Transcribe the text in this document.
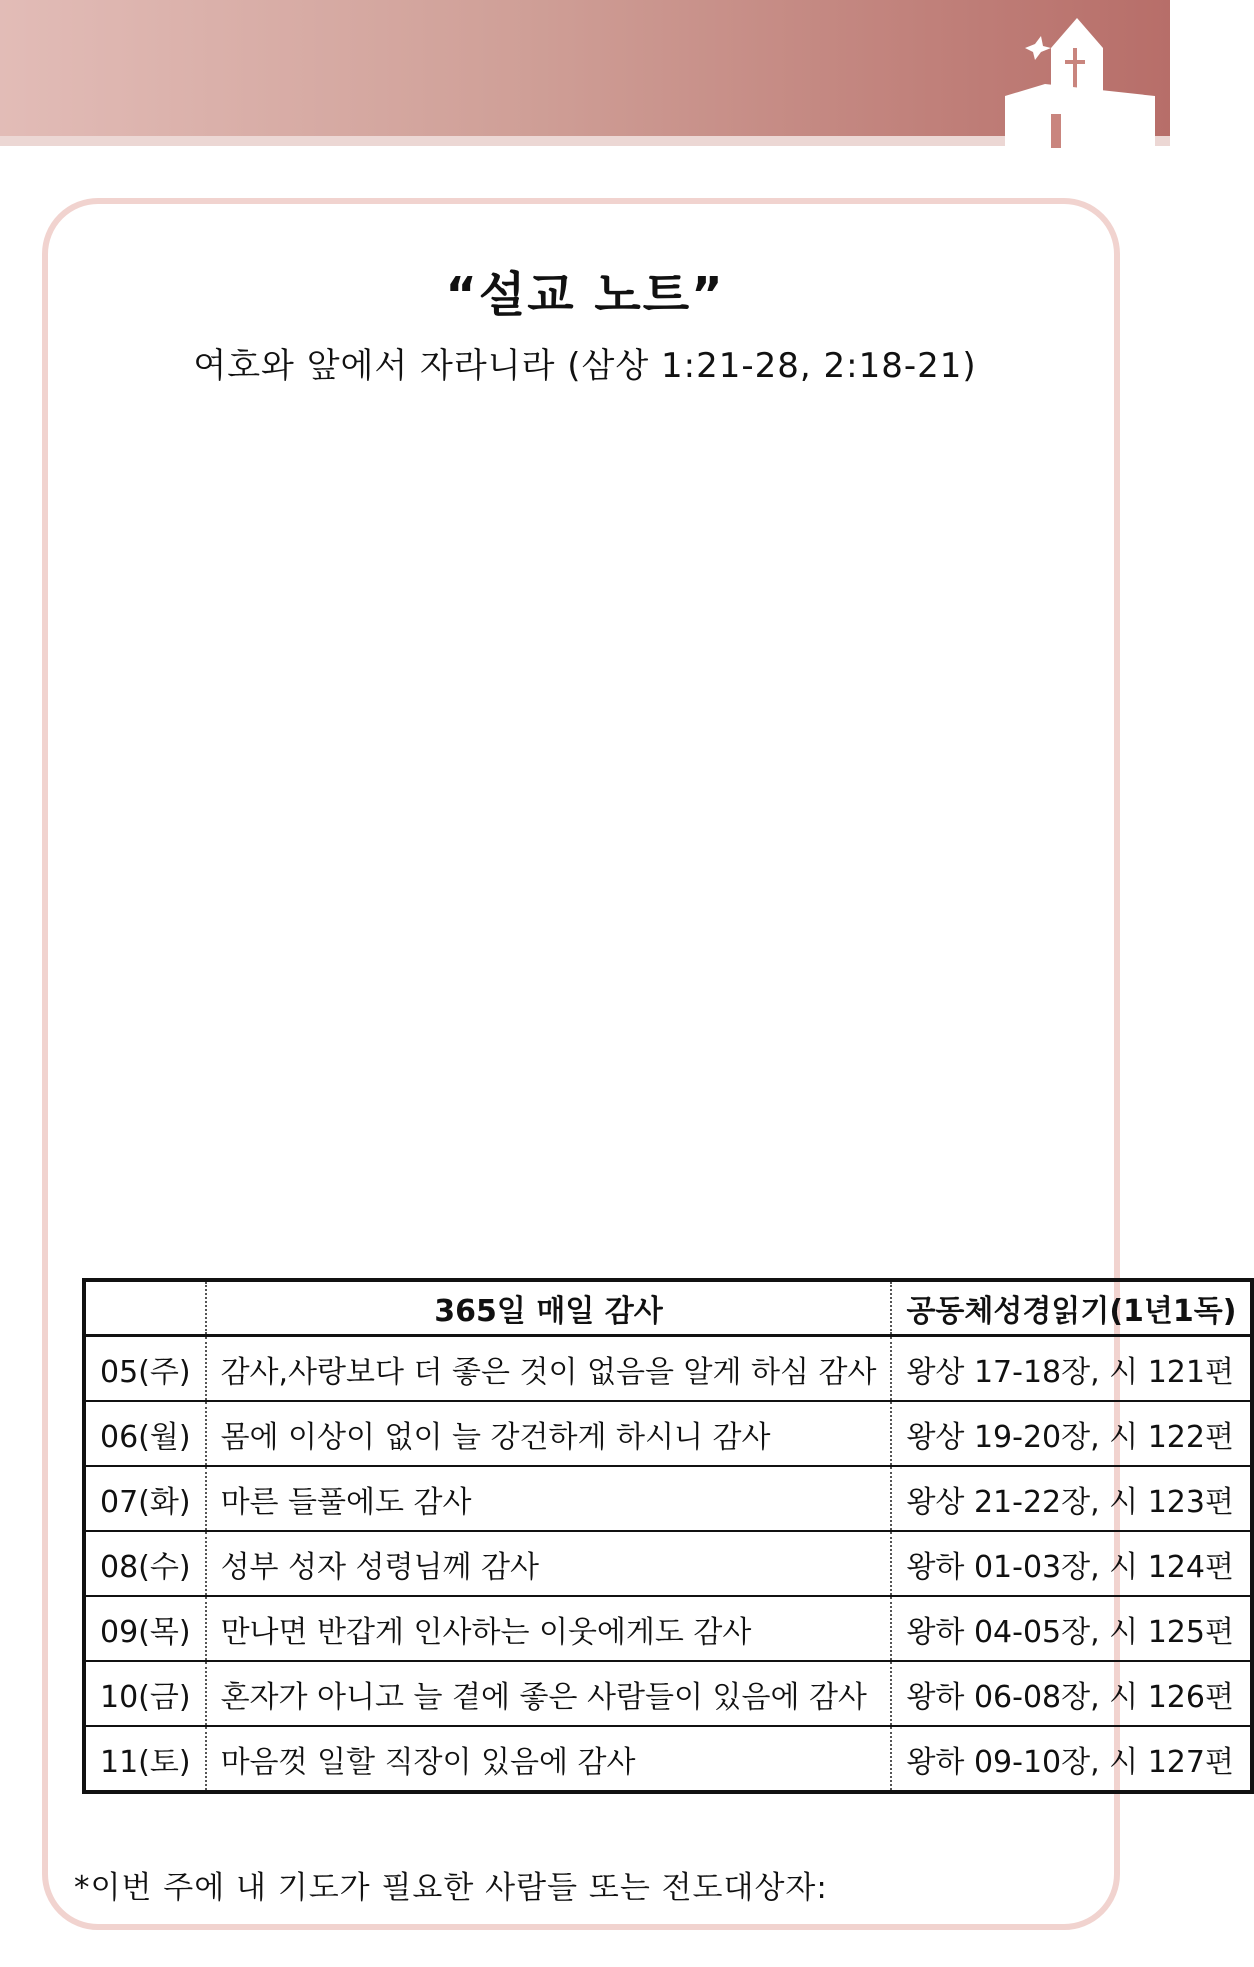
“설교 노트”
여호와 앞에서 자라니라 (삼상 1:21-28, 2:18-21)
	365일 매일 감사	공동체성경읽기(1년1독)
05(주)	감사,사랑보다 더 좋은 것이 없음을 알게 하심 감사	왕상 17-18장, 시 121편
06(월)	몸에 이상이 없이 늘 강건하게 하시니 감사	왕상 19-20장, 시 122편
07(화)	마른 들풀에도 감사	왕상 21-22장, 시 123편
08(수)	성부 성자 성령님께 감사	왕하 01-03장, 시 124편
09(목)	만나면 반갑게 인사하는 이웃에게도 감사	왕하 04-05장, 시 125편
10(금)	혼자가 아니고 늘 곁에 좋은 사람들이 있음에 감사	왕하 06-08장, 시 126편
11(토)	마음껏 일할 직장이 있음에 감사	왕하 09-10장, 시 127편
*이번 주에 내 기도가 필요한 사람들 또는 전도대상자:
